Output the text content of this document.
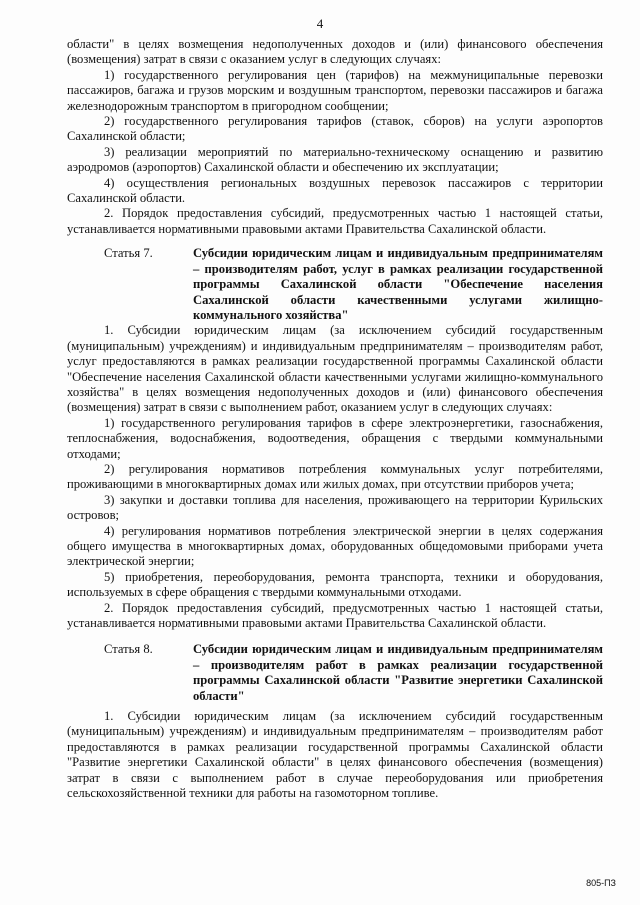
4

области" в целях возмещения недополученных доходов и (или) финансового обеспечения (возмещения) затрат в связи с оказанием услуг в следующих случаях:

1) государственного регулирования цен (тарифов) на межмуниципальные перевозки пассажиров, багажа и грузов морским и воздушным транспортом, перевозки пассажиров и багажа железнодорожным транспортом в пригородном сообщении;

2) государственного регулирования тарифов (ставок, сборов) на услуги аэропортов Сахалинской области;

3) реализации мероприятий по материально-техническому оснащению и развитию аэродромов (аэропортов) Сахалинской области и обеспечению их эксплуатации;

4) осуществления региональных воздушных перевозок пассажиров с территории Сахалинской области.

2. Порядок предоставления субсидий, предусмотренных частью 1 настоящей статьи, устанавливается нормативными правовыми актами Правительства Сахалинской области.

Статья 7.	Субсидии юридическим лицам и индивидуальным предпринимателям – производителям работ, услуг в рамках реализации государственной программы Сахалинской области "Обеспечение населения Сахалинской области качественными услугами жилищно-коммунального хозяйства"

1. Субсидии юридическим лицам (за исключением субсидий государственным (муниципальным) учреждениям) и индивидуальным предпринимателям – производителям работ, услуг предоставляются в рамках реализации государственной программы Сахалинской области "Обеспечение населения Сахалинской области качественными услугами жилищно-коммунального хозяйства" в целях возмещения недополученных доходов и (или) финансового обеспечения (возмещения) затрат в связи с выполнением работ, оказанием услуг в следующих случаях:

1) государственного регулирования тарифов в сфере электроэнергетики, газоснабжения, теплоснабжения, водоснабжения, водоотведения, обращения с твердыми коммунальными отходами;

2) регулирования нормативов потребления коммунальных услуг потребителями, проживающими в многоквартирных домах или жилых домах, при отсутствии приборов учета;

3) закупки и доставки топлива для населения, проживающего на территории Курильских островов;

4) регулирования нормативов потребления электрической энергии в целях содержания общего имущества в многоквартирных домах, оборудованных общедомовыми приборами учета электрической энергии;

5) приобретения, переоборудования, ремонта транспорта, техники и оборудования, используемых в сфере обращения с твердыми коммунальными отходами.

2. Порядок предоставления субсидий, предусмотренных частью 1 настоящей статьи, устанавливается нормативными правовыми актами Правительства Сахалинской области.

Статья 8.	Субсидии юридическим лицам и индивидуальным предпринимателям – производителям работ в рамках реализации государственной программы Сахалинской области "Развитие энергетики Сахалинской области"

1. Субсидии юридическим лицам (за исключением субсидий государственным (муниципальным) учреждениям) и индивидуальным предпринимателям – производителям работ предоставляются в рамках реализации государственной программы Сахалинской области "Развитие энергетики Сахалинской области" в целях финансового обеспечения (возмещения) затрат в связи с выполнением работ в случае переоборудования или приобретения сельскохозяйственной техники для работы на газомоторном топливе.

805-ПЗ
